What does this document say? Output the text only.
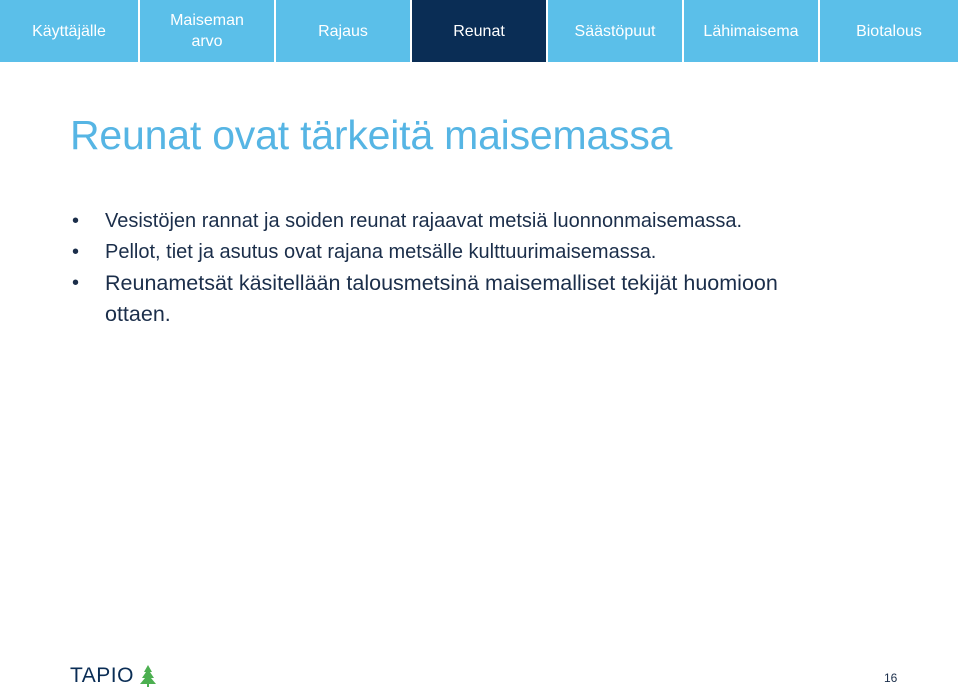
Käyttäjälle
Maiseman
arvo
Rajaus	Reunat	Säästöpuut	Lähimaisema	Biotalous
Reunat ovat tärkeitä maisemassa
• Vesistöjen rannat ja soiden reunat rajaavat metsiä luonnonmaisemassa.
• Pellot, tiet ja asutus ovat rajana metsälle kulttuurimaisemassa.
• Reunametsät käsitellään talousmetsinä maisemalliset tekijät huomioon ottaen.
TAPIO	16
